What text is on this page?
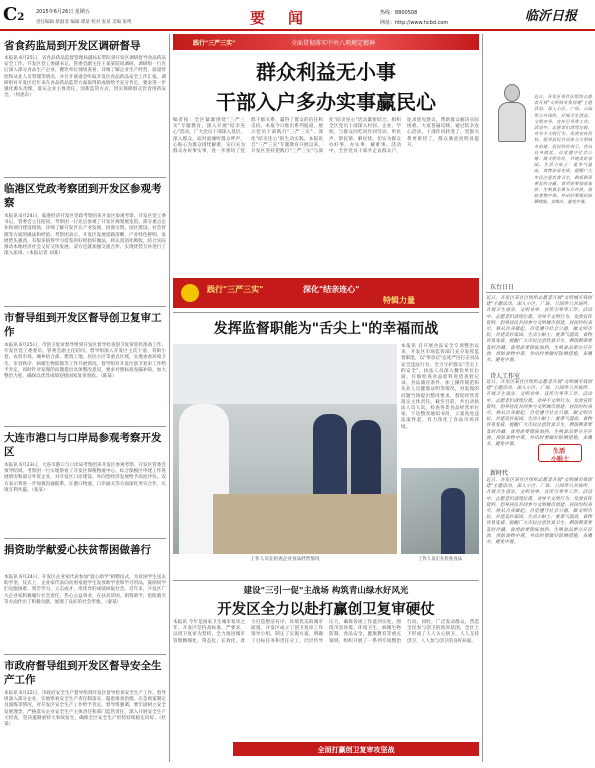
C2 2015年6月26日 星期五
责任编辑 蔡淑菲 编辑 谭某 校对 张某 美编 张鸣	要　闻	热线：8800508
网址：http://www.hcbd.com	临沂日报
省食药监局到开发区调研督导
本报讯 6月25日，省食品药品监督管理局副局长带队到开发区调研督导食品药品安全工作。开发区党工委副书记、管委会副主任王某某陪同调研。调研组一行先后深入部分食品生产企业、餐饮单位现场查看，详细了解企业生产经营、质量管控和从业人员管理等情况，并召开座谈会听取开发区食品药品安全工作汇报。调研组对开发区近年来在食品药品监管方面取得的成绩给予充分肯定，要求进一步强化源头治理，落实企业主体责任，创新监管方式，切实保障群众饮食用药安全。（何思东）
临港区党政考察团到开发区参观考察
本报讯 6月24日，临港经济开发区党政考察团来开发区参观考察。开发区党工委书记、管委会主任陪同。考察团一行先后参观了开发区规划展览馆、部分重点企业和项目建设现场，详细了解开发区在产业发展、招商引资、园区建设、社会管理等方面的做法和经验。考察团表示，开发区发展思路清晰、产业特色鲜明、发展势头强劲，有很多值得学习借鉴的好经验好做法，将认真消化吸收，结合实际推动本地经济社会又好又快发展。双方还就加强交流合作、实现优势互补进行了深入座谈。（本报记者 刘某）
市督导组到开发区督导创卫复审工作
本报讯 6月25日，市创卫复审督导组到开发区督导检查创卫复审迎检准备工作。开发区党工委委员、管委会副主任陪同。督导组深入开发区主次干道、背街小巷、农贸市场、城乡结合部、建筑工地、居民小区等重点区域，实地查看环境卫生、市容秩序、病媒生物防制等工作开展情况。督导组对开发区创卫复审工作给予肯定，同时针对发现的问题提出具体整改意见，要求对照标准查漏补缺，加大整治力度，确保以优异成绩迎接国家复审验收。（陈某）
大连市港口与口岸局参观考察开发区
本报讯 6月23日，大连市港口与口岸局考察团来开发区参观考察。开发区管委会领导陪同。考察团一行实地察看了开发区保税物流中心、综合保税区申建工作进展情况和部分外贸企业，对开发区口岸建设、外向型经济发展给予高度评价。双方表示将进一步加强沟通联系，在港口物流、口岸通关等方面深化务实合作，实现互利共赢。（张某）
捐资助学献爱心扶贫帮困做善行
本报讯 6月24日，开发区企业家代表参加"爱心助学"捐赠仪式，为贫困学生送去助学金。仪式上，企业家代表向贫困家庭学生发放助学金和学习用品，鼓励同学们克服困难、刻苦学习、立志成才，用优异的成绩回报社会。近年来，开发区广大企业家积极履行社会责任，热心公益事业，在扶贫济困、捐资助学、抢险救灾等方面作出了积极贡献，展现了良好的社会形象。（秦某）
市政府督导组到开发区督导安全生产工作
本报讯 6月22日，市政府安全生产督导组到开发区督导检查安全生产工作。督导组深入部分企业，实地察看安全生产责任制落实、隐患排查治理、应急预案制定及演练等情况，对开发区安全生产工作给予肯定。督导组强调，要牢固树立安全发展理念，严格落实企业安全生产主体责任和部门监管责任，深入开展安全生产大检查，坚决遏制重特大事故发生，确保全区安全生产形势持续稳定向好。（杜某）
践行"三严三实"	全面贯彻落实中央八项规定精神
群众利益无小事
干部入户多办实事赢民心
编者按：全区紧紧围绕"三严三实"专题教育，深入开展"结亲连心"活动，广大党员干部深入基层、深入群众，面对面倾听群众呼声，心贴心为群众排忧解难，实打实为群众办好事实事，进一步密切了党群干群关系，赢得了群众的信任和支持。本报今日推出系列报道，展示党员干部践行"三严三实"、深化"结亲连心"的生动实践。本报讯 自"三严三实"专题教育开展以来，开发区坚持把践行"三严三实"与深化"结亲连心"活动紧密结合，组织全区党员干部深入村居、企业、学校，与群众同吃同住同劳动，听民声、察民情、解民忧，切实为群众办好事、办实事、解难事。活动中，全区党员干部共走访群众户，征求意见建议，帮助群众解决实际困难。大家普遍反映，通过结亲连心活动，干部作风转变了，党群关系更密切了，群众满意度明显提升。
践行"三严三实"	深化"结亲连心"
特辑力量
近日，开发区某社区组织志愿者开展"文明城市我创建"主题活动，深入小区、广场、公园等公共场所，开展卫生清洁、文明劝导、宣传引导等工作。活动中，志愿者们清理垃圾、劝导不文明行为、发放宣传资料，倡导居民共同参与文明城市创建。居民纷纷表示，将从自身做起，自觉遵守社会公德，做文明市民，共建美好家园。生活小贴士：夏季气温高，食物容易变质，提醒广大市民注意饮食卫生，剩饭剩菜要及时冷藏，食用前要彻底加热，生熟食品要分开存放，预防食物中毒。外出时要做好防晒措施，多喝水，避免中暑。
东台日日
近日，开发区某社区组织志愿者开展"文明城市我创建"主题活动，深入小区、广场、公园等公共场所，开展卫生清洁、文明劝导、宣传引导等工作。活动中，志愿者们清理垃圾、劝导不文明行为、发放宣传资料，倡导居民共同参与文明城市创建。居民纷纷表示，将从自身做起，自觉遵守社会公德，做文明市民，共建美好家园。生活小贴士：夏季气温高，食物容易变质，提醒广大市民注意饮食卫生，剩饭剩菜要及时冷藏，食用前要彻底加热，生熟食品要分开存放，预防食物中毒。外出时要做好防晒措施，多喝水，避免中暑。
诗人工作室
近日，开发区某社区组织志愿者开展"文明城市我创建"主题活动，深入小区、广场、公园等公共场所，开展卫生清洁、文明劝导、宣传引导等工作。活动中，志愿者们清理垃圾、劝导不文明行为、发放宣传资料，倡导居民共同参与文明城市创建。居民纷纷表示，将从自身做起，自觉遵守社会公德，做文明市民，共建美好家园。生活小贴士：夏季气温高，食物容易变质，提醒广大市民注意饮食卫生，剩饭剩菜要及时冷藏，食用前要彻底加热，生熟食品要分开存放，预防食物中毒。外出时要做好防晒措施，多喝水，避免中暑。
生活
小贴士
新时代
近日，开发区某社区组织志愿者开展"文明城市我创建"主题活动，深入小区、广场、公园等公共场所，开展卫生清洁、文明劝导、宣传引导等工作。活动中，志愿者们清理垃圾、劝导不文明行为、发放宣传资料，倡导居民共同参与文明城市创建。居民纷纷表示，将从自身做起，自觉遵守社会公德，做文明市民，共建美好家园。生活小贴士：夏季气温高，食物容易变质，提醒广大市民注意饮食卫生，剩饭剩菜要及时冷藏，食用前要彻底加热，生熟食品要分开存放，预防食物中毒。外出时要做好防晒措施，多喝水，避免中暑。
发挥监督职能为"舌尖上"的幸福而战
工作人员在检查企业食品经营情况
本报讯 自开展食品安全专项整治以来，开发区市场监管部门充分发挥监督职能，以"零容忍"态度严厉打击食品安全违法行为，全力守护群众"舌尖上的安全"。执法人员深入餐饮单位后厨，仔细检查食品原料进货查验记录、食品储存条件、加工操作规范和从业人员健康证明等情况，对发现的问题当场提出整改要求，督促经营者落实主体责任。截至目前，共出动执法人员人次，检查各类食品经营单位家，下达整改通知书份，立案查处违法案件起，有力净化了食品市场环境。
工作人员正在检查食品
建设"三引一促"主战场 构筑青山绿水好风光
开发区全力以赴打赢创卫复审硬仗
本报讯 今年是国家卫生城市复审之年。开发区坚持高标准、严要求，以创卫复审为契机，全力推进城市管理精细化、常态化、长效化，着力打造整洁有序、环境优美的城市面貌。开发区成立了创卫复审工作领导小组，制定了实施方案，明确了目标任务和责任分工，层层传导压力，确保各项工作落到实处。围绕市容环境、环境卫生、病媒生物防制、食品安全、健康教育等重点领域，组织开展了一系列专项整治行动。同时，广泛发动群众，营造全民参与创卫的浓厚氛围，全区上下形成了人人关心创卫、人人支持创卫、人人参与创卫的良好局面。
全面打赢创卫复审攻坚战
